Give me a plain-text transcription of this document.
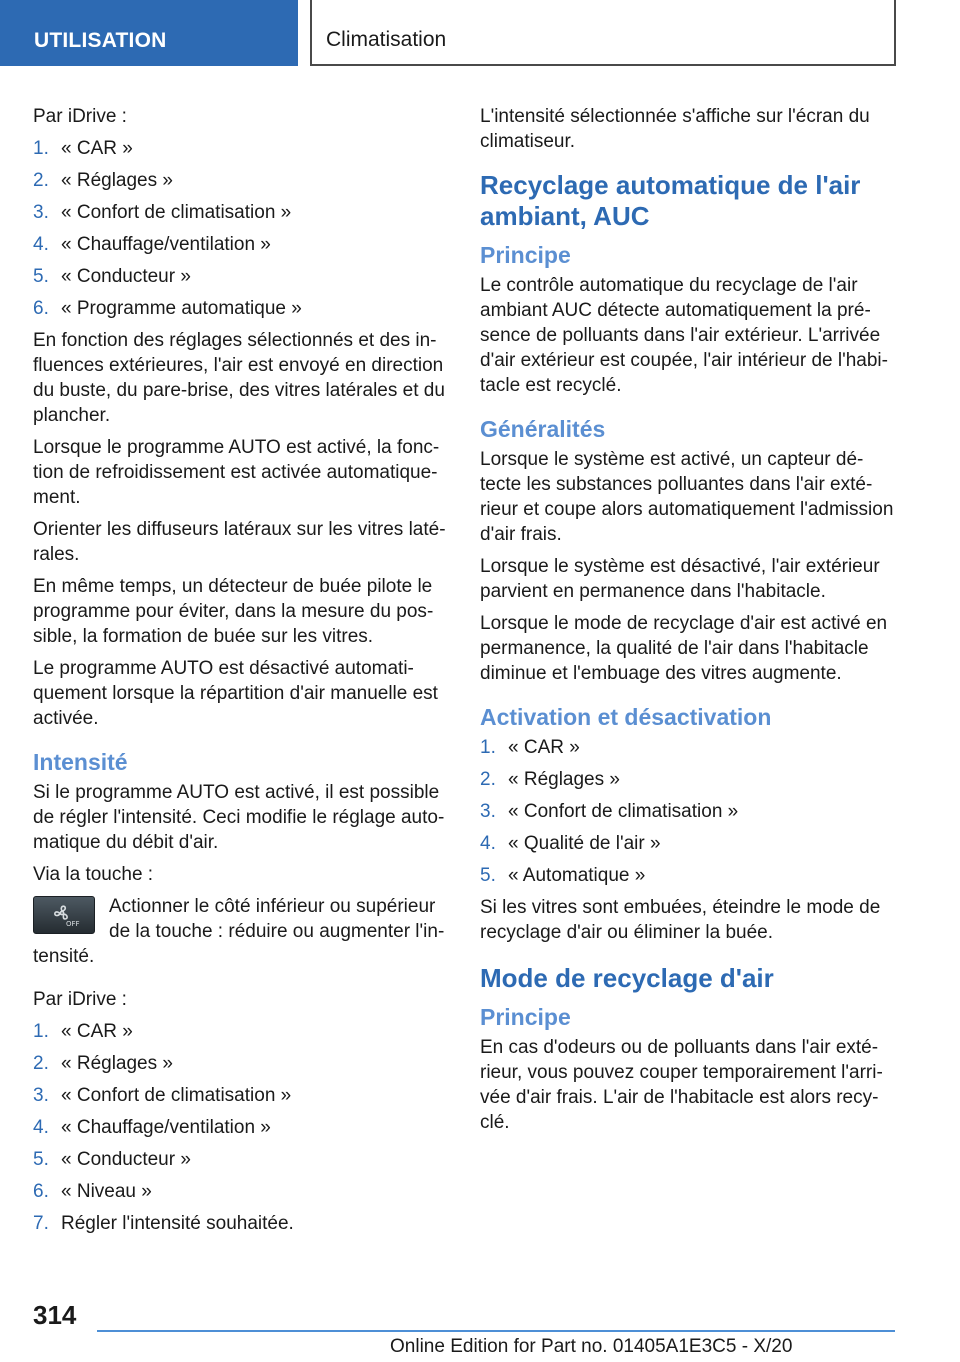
UTILISATION	Climatisation

Par iDrive :

1. « CAR »
2. « Réglages »
3. « Confort de climatisation »
4. « Chauffage/ventilation »
5. « Conducteur »
6. « Programme automatique »

En fonction des réglages sélectionnés et des influences extérieures, l'air est envoyé en direction du buste, du pare-brise, des vitres latérales et du plancher.

Lorsque le programme AUTO est activé, la fonction de refroidissement est activée automatiquement.

Orienter les diffuseurs latéraux sur les vitres latérales.

En même temps, un détecteur de buée pilote le programme pour éviter, dans la mesure du possible, la formation de buée sur les vitres.

Le programme AUTO est désactivé automatiquement lorsque la répartition d'air manuelle est activée.

Intensité

Si le programme AUTO est activé, il est possible de régler l'intensité. Ceci modifie le réglage automatique du débit d'air.

Via la touche :

OFF
Actionner le côté inférieur ou supérieur de la touche : réduire ou augmenter l'intensité.

Par iDrive :

1. « CAR »
2. « Réglages »
3. « Confort de climatisation »
4. « Chauffage/ventilation »
5. « Conducteur »
6. « Niveau »
7. Régler l'intensité souhaitée.

L'intensité sélectionnée s'affiche sur l'écran du climatiseur.

Recyclage automatique de l'air ambiant, AUC
Principe

Le contrôle automatique du recyclage de l'air ambiant AUC détecte automatiquement la présence de polluants dans l'air extérieur. L'arrivée d'air extérieur est coupée, l'air intérieur de l'habitacle est recyclé.

Généralités

Lorsque le système est activé, un capteur détecte les substances polluantes dans l'air extérieur et coupe alors automatiquement l'admission d'air frais.

Lorsque le système est désactivé, l'air extérieur parvient en permanence dans l'habitacle.

Lorsque le mode de recyclage d'air est activé en permanence, la qualité de l'air dans l'habitacle diminue et l'embuage des vitres augmente.

Activation et désactivation
1. « CAR »
2. « Réglages »
3. « Confort de climatisation »
4. « Qualité de l'air »
5. « Automatique »

Si les vitres sont embuées, éteindre le mode de recyclage d'air ou éliminer la buée.

Mode de recyclage d'air
Principe

En cas d'odeurs ou de polluants dans l'air extérieur, vous pouvez couper temporairement l'arrivée d'air frais. L'air de l'habitacle est alors recyclé.

314
Online Edition for Part no. 01405A1E3C5 - X/20
